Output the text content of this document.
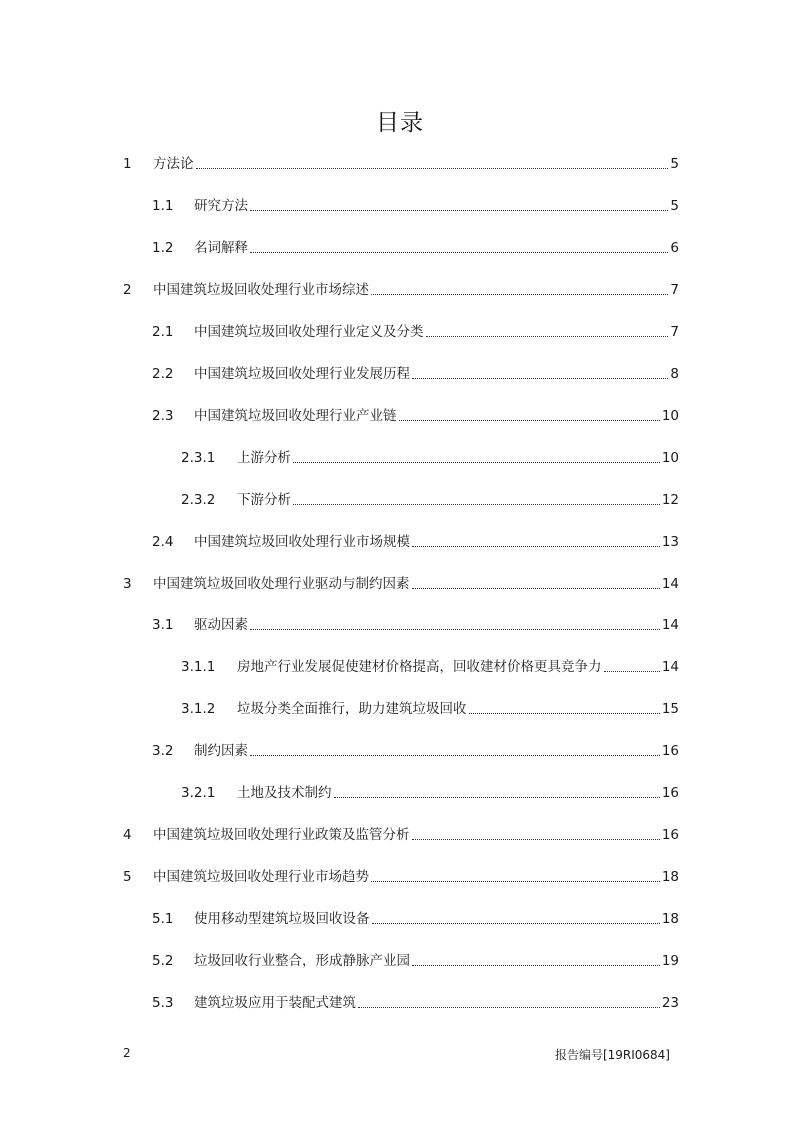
目录
1	方法论	5
1.1	研究方法	5
1.2	名词解释	6
2	中国建筑垃圾回收处理行业市场综述	7
2.1	中国建筑垃圾回收处理行业定义及分类	7
2.2	中国建筑垃圾回收处理行业发展历程	8
2.3	中国建筑垃圾回收处理行业产业链	10
2.3.1	上游分析	10
2.3.2	下游分析	12
2.4	中国建筑垃圾回收处理行业市场规模	13
3	中国建筑垃圾回收处理行业驱动与制约因素	14
3.1	驱动因素	14
3.1.1	房地产行业发展促使建材价格提高，回收建材价格更具竞争力	14
3.1.2	垃圾分类全面推行，助力建筑垃圾回收	15
3.2	制约因素	16
3.2.1	土地及技术制约	16
4	中国建筑垃圾回收处理行业政策及监管分析	16
5	中国建筑垃圾回收处理行业市场趋势	18
5.1	使用移动型建筑垃圾回收设备	18
5.2	垃圾回收行业整合，形成静脉产业园	19
5.3	建筑垃圾应用于装配式建筑	23
2	报告编号[19RI0684]
